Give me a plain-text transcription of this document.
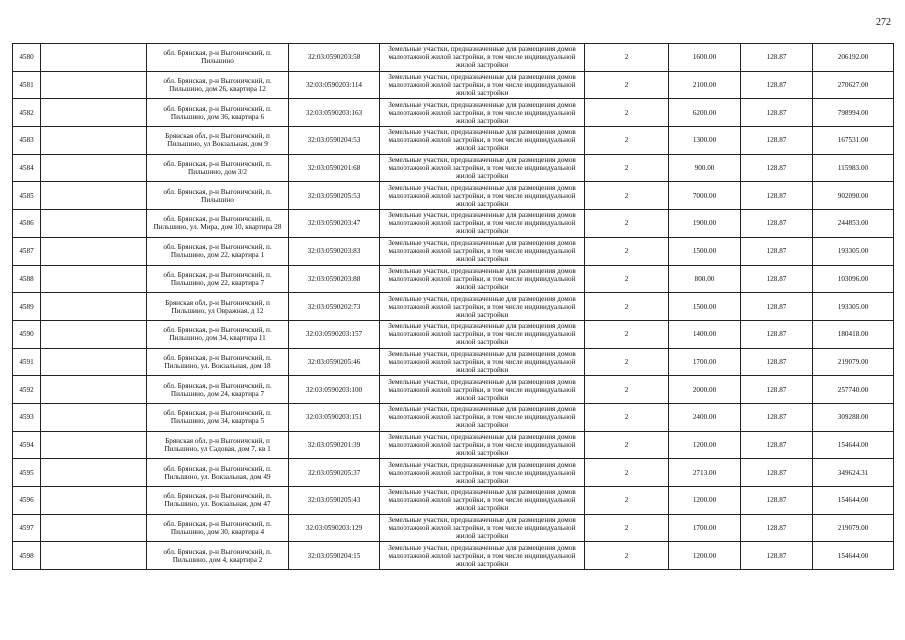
272
4580		обл. Брянская, р-н Выгоничский, п. Пильшино	32:03:0590203:58	Земельные участки, предназначенные для размещения домов малоэтажной жилой застройки, в том числе индивидуальной жилой застройки	2	1600.00	128.87	206192.00
4581		обл. Брянская, р-н Выгоничский, п. Пильшино, дом 26, квартира 12	32:03:0590203:114	Земельные участки, предназначенные для размещения домов малоэтажной жилой застройки, в том числе индивидуальной жилой застройки	2	2100.00	128.87	270627.00
4582		обл. Брянская, р-н Выгоничский, п. Пильшино, дом 36, квартира 6	32:03:0590203:163	Земельные участки, предназначенные для размещения домов малоэтажной жилой застройки, в том числе индивидуальной жилой застройки	2	6200.00	128.87	798994.00
4583		Брянская обл, р-н Выгоничский, п Пильшино, ул Вокзальная, дом 9	32:03:0590204:53	Земельные участки, предназначенные для размещения домов малоэтажной жилой застройки, в том числе индивидуальной жилой застройки	2	1300.00	128.87	167531.00
4584		обл. Брянская, р-н Выгоничский, п. Пильшино, дом 3/2	32:03:0590201:68	Земельные участки, предназначенные для размещения домов малоэтажной жилой застройки, в том числе индивидуальной жилой застройки	2	900.00	128.87	115983.00
4585		обл. Брянская, р-н Выгоничский, п. Пильшино	32:03:0590205:53	Земельные участки, предназначенные для размещения домов малоэтажной жилой застройки, в том числе индивидуальной жилой застройки	2	7000.00	128.87	902090.00
4586		обл. Брянская, р-н Выгоничский, п. Пильшино, ул. Мира, дом 10, квартира 28	32:03:0590203:47	Земельные участки, предназначенные для размещения домов малоэтажной жилой застройки, в том числе индивидуальной жилой застройки	2	1900.00	128.87	244853.00
4587		обл. Брянская, р-н Выгоничский, п. Пильшино, дом 22, квартира 1	32:03:0590203:83	Земельные участки, предназначенные для размещения домов малоэтажной жилой застройки, в том числе индивидуальной жилой застройки	2	1500.00	128.87	193305.00
4588		обл. Брянская, р-н Выгоничский, п. Пильшино, дом 22, квартира 7	32:03:0590203:88	Земельные участки, предназначенные для размещения домов малоэтажной жилой застройки, в том числе индивидуальной жилой застройки	2	800.00	128.87	103096.00
4589		Брянская обл, р-н Выгоничский, п Пильшино, ул Овражная, д 12	32:03:0590202:73	Земельные участки, предназначенные для размещения домов малоэтажной жилой застройки, в том числе индивидуальной жилой застройки	2	1500.00	128.87	193305.00
4590		обл. Брянская, р-н Выгоничский, п. Пильшино, дом 34, квартира 11	32:03:0590203:157	Земельные участки, предназначенные для размещения домов малоэтажной жилой застройки, в том числе индивидуальной жилой застройки	2	1400.00	128.87	180418.00
4591		обл. Брянская, р-н Выгоничский, п. Пильшино, ул. Вокзальная, дом 18	32:03:0590205:46	Земельные участки, предназначенные для размещения домов малоэтажной жилой застройки, в том числе индивидуальной жилой застройки	2	1700.00	128.87	219079.00
4592		обл. Брянская, р-н Выгоничский, п. Пильшино, дом 24, квартира 7	32:03:0590203:100	Земельные участки, предназначенные для размещения домов малоэтажной жилой застройки, в том числе индивидуальной жилой застройки	2	2000.00	128.87	257740.00
4593		обл. Брянская, р-н Выгоничский, п. Пильшино, дом 34, квартира 5	32:03:0590203:151	Земельные участки, предназначенные для размещения домов малоэтажной жилой застройки, в том числе индивидуальной жилой застройки	2	2400.00	128.87	309288.00
4594		Брянская обл, р-н Выгоничский, п Пильшино, ул Садовая, дом 7, кв 1	32:03:0590201:39	Земельные участки, предназначенные для размещения домов малоэтажной жилой застройки, в том числе индивидуальной жилой застройки	2	1200.00	128.87	154644.00
4595		обл. Брянская, р-н Выгоничский, п. Пильшино, ул. Вокзальная, дом 49	32:03:0590205:37	Земельные участки, предназначенные для размещения домов малоэтажной жилой застройки, в том числе индивидуальной жилой застройки	2	2713.00	128.87	349624.31
4596		обл. Брянская, р-н Выгоничский, п. Пильшино, ул. Вокзальная, дом 47	32:03:0590205:43	Земельные участки, предназначенные для размещения домов малоэтажной жилой застройки, в том числе индивидуальной жилой застройки	2	1200.00	128.87	154644.00
4597		обл. Брянская, р-н Выгоничский, п. Пильшино, дом 30, квартира 4	32:03:0590203:129	Земельные участки, предназначенные для размещения домов малоэтажной жилой застройки, в том числе индивидуальной жилой застройки	2	1700.00	128.87	219079.00
4598		обл. Брянская, р-н Выгоничский, п. Пильшино, дом 4, квартира 2	32:03:0590204:15	Земельные участки, предназначенные для размещения домов малоэтажной жилой застройки, в том числе индивидуальной жилой застройки	2	1200.00	128.87	154644.00
